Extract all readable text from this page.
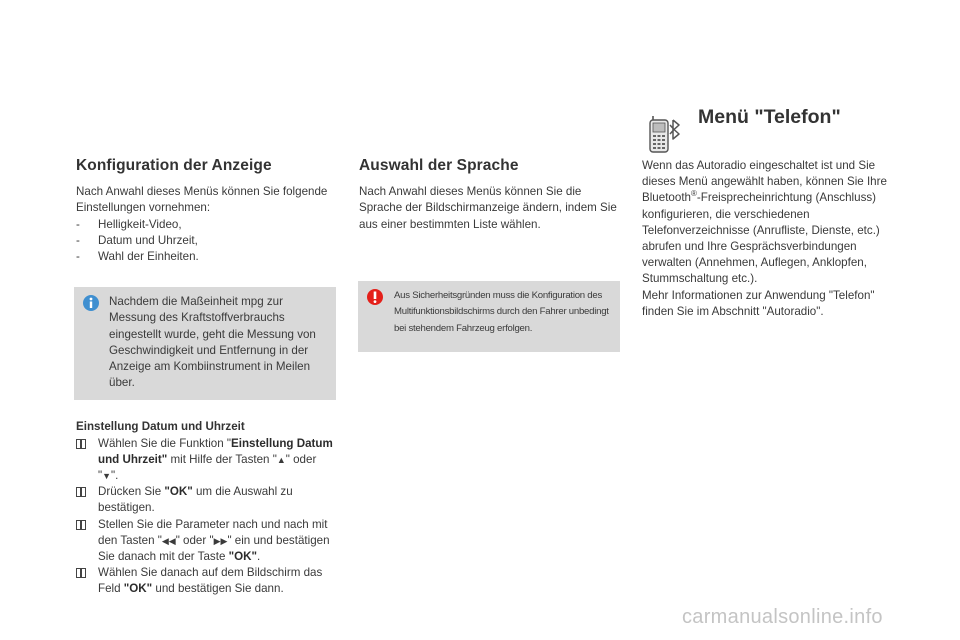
Konfiguration der Anzeige

Nach Anwahl dieses Menüs können Sie folgende Einstellungen vornehmen:

- Helligkeit-Video,
- Datum und Uhrzeit,
- Wahl der Einheiten.
Nachdem die Maßeinheit mpg zur Messung des Kraftstoffverbrauchs eingestellt wurde, geht die Messung von Geschwindigkeit und Entfernung in der Anzeige am Kombiinstrument in Meilen über.
Einstellung Datum und Uhrzeit
Wählen Sie die Funktion "Einstellung Datum und Uhrzeit" mit Hilfe der Tasten "▲" oder "▼".
Drücken Sie "OK" um die Auswahl zu bestätigen.
Stellen Sie die Parameter nach und nach mit den Tasten "◀◀" oder "▶▶" ein und bestätigen Sie danach mit der Taste "OK".
Wählen Sie danach auf dem Bildschirm das Feld "OK" und bestätigen Sie dann.
Auswahl der Sprache

Nach Anwahl dieses Menüs können Sie die Sprache der Bildschirmanzeige ändern, indem Sie aus einer bestimmten Liste wählen.

Aus Sicherheitsgründen muss die Konfiguration des Multifunktionsbildschirms durch den Fahrer unbedingt bei stehendem Fahrzeug erfolgen.
Menü "Telefon"

Wenn das Autoradio eingeschaltet ist und Sie dieses Menü angewählt haben, können Sie Ihre Bluetooth®-Freisprecheinrichtung (Anschluss) konfigurieren, die verschiedenen Telefonverzeichnisse (Anrufliste, Dienste, etc.) abrufen und Ihre Gesprächsverbindungen verwalten (Annehmen, Auflegen, Anklopfen, Stummschaltung etc.).

Mehr Informationen zur Anwendung "Telefon" finden Sie im Abschnitt "Autoradio".

carmanualsonline.info
